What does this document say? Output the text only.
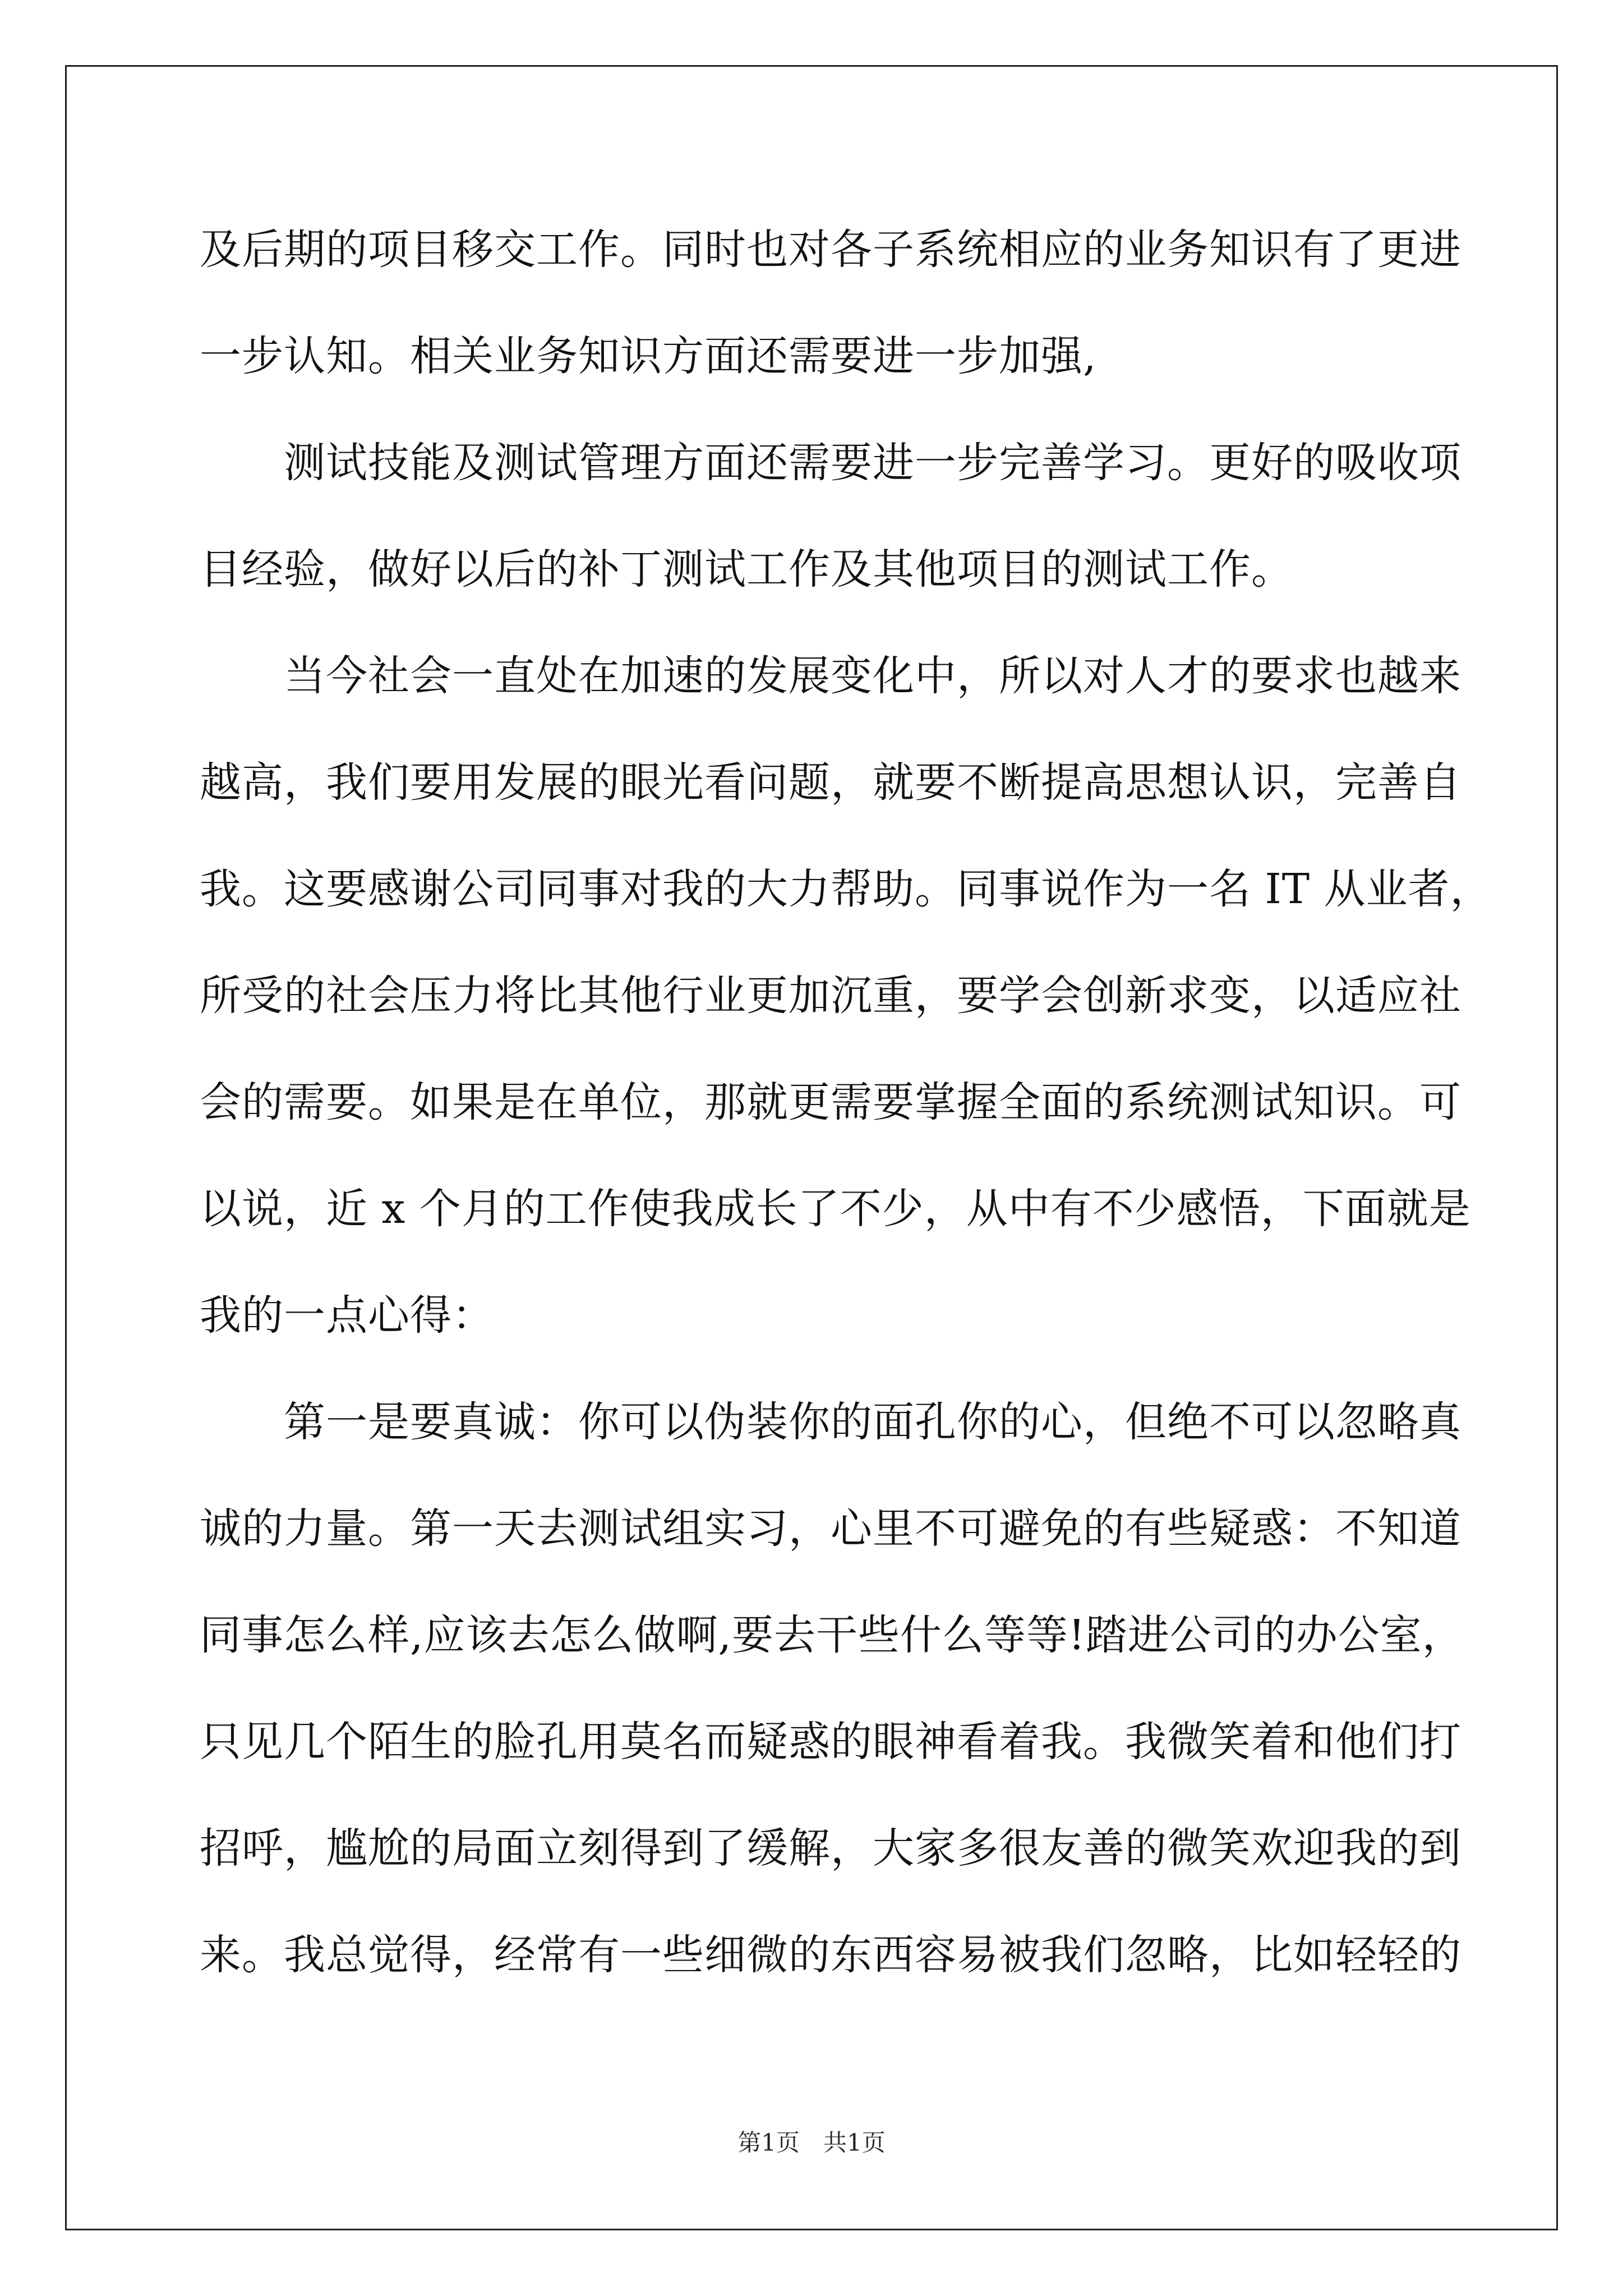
及后期的项目移交工作。同时也对各子系统相应的业务知识有了更进
一步认知。相关业务知识方面还需要进一步加强,
　　测试技能及测试管理方面还需要进一步完善学习。更好的吸收项
目经验，做好以后的补丁测试工作及其他项目的测试工作。
　　当今社会一直处在加速的发展变化中，所以对人才的要求也越来
越高，我们要用发展的眼光看问题，就要不断提高思想认识，完善自
我。这要感谢公司同事对我的大力帮助。同事说作为一名 IT 从业者，
所受的社会压力将比其他行业更加沉重，要学会创新求变，以适应社
会的需要。如果是在单位，那就更需要掌握全面的系统测试知识。可
以说，近 x 个月的工作使我成长了不少，从中有不少感悟，下面就是
我的一点心得：
　　第一是要真诚：你可以伪装你的面孔你的心，但绝不可以忽略真
诚的力量。第一天去测试组实习，心里不可避免的有些疑惑：不知道
同事怎么样,应该去怎么做啊,要去干些什么等等!踏进公司的办公室，
只见几个陌生的脸孔用莫名而疑惑的眼神看着我。我微笑着和他们打
招呼，尴尬的局面立刻得到了缓解，大家多很友善的微笑欢迎我的到
来。我总觉得，经常有一些细微的东西容易被我们忽略，比如轻轻的
第1页　共1页
